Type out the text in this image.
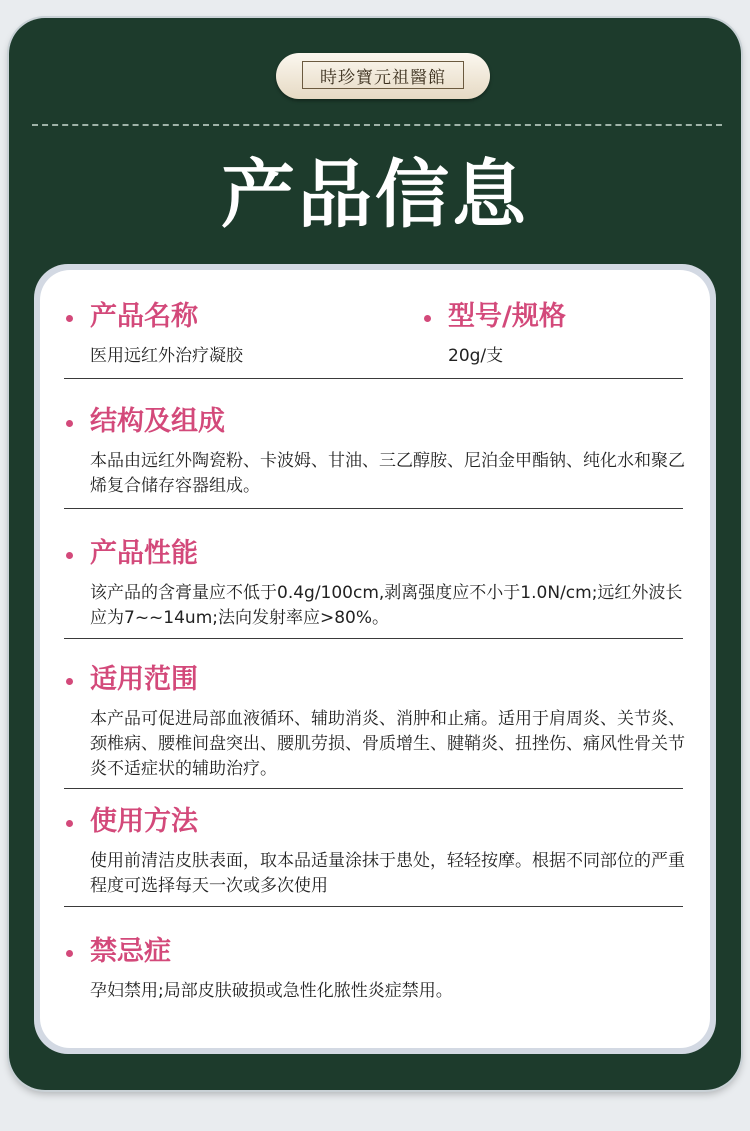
時珍寶元祖醫館
产品信息
产品名称

医用远红外治疗凝胶

型号/规格

20g/支

结构及组成

本品由远红外陶瓷粉、卡波姆、甘油、三乙醇胺、尼泊金甲酯钠、纯化水和聚乙烯复合储存容器组成。

产品性能

该产品的含膏量应不低于0.4g/100cm,剥离强度应不小于1.0N/cm;远红外波长应为7~~14um;法向发射率应>80%。

适用范围

本产品可促进局部血液循环、辅助消炎、消肿和止痛。适用于肩周炎、关节炎、颈椎病、腰椎间盘突出、腰肌劳损、骨质增生、腱鞘炎、扭挫伤、痛风性骨关节炎不适症状的辅助治疗。

使用方法

使用前清洁皮肤表面，取本品适量涂抹于患处，轻轻按摩。根据不同部位的严重程度可选择每天一次或多次使用

禁忌症

孕妇禁用;局部皮肤破损或急性化脓性炎症禁用。
